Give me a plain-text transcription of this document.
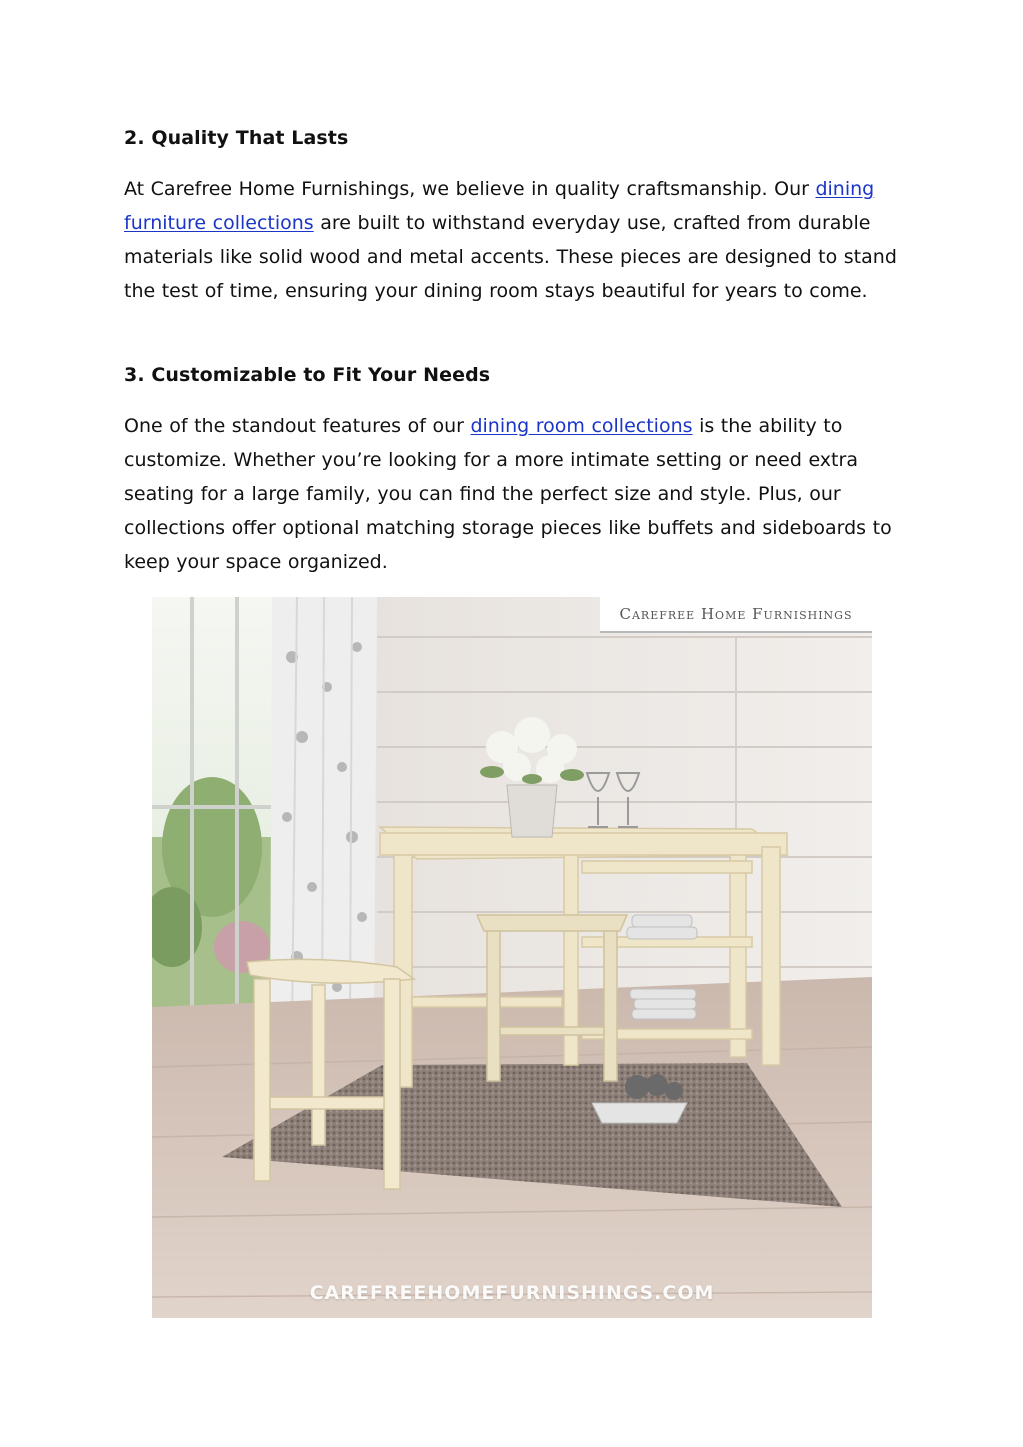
2. Quality That Lasts

At Carefree Home Furnishings, we believe in quality craftsmanship. Our dining furniture collections are built to withstand everyday use, crafted from durable materials like solid wood and metal accents. These pieces are designed to stand the test of time, ensuring your dining room stays beautiful for years to come.

3. Customizable to Fit Your Needs

One of the standout features of our dining room collections is the ability to customize. Whether you’re looking for a more intimate setting or need extra seating for a large family, you can find the perfect size and style. Plus, our collections offer optional matching storage pieces like buffets and sideboards to keep your space organized.

Carefree Home Furnishings
CAREFREEHOMEFURNISHINGS.COM
